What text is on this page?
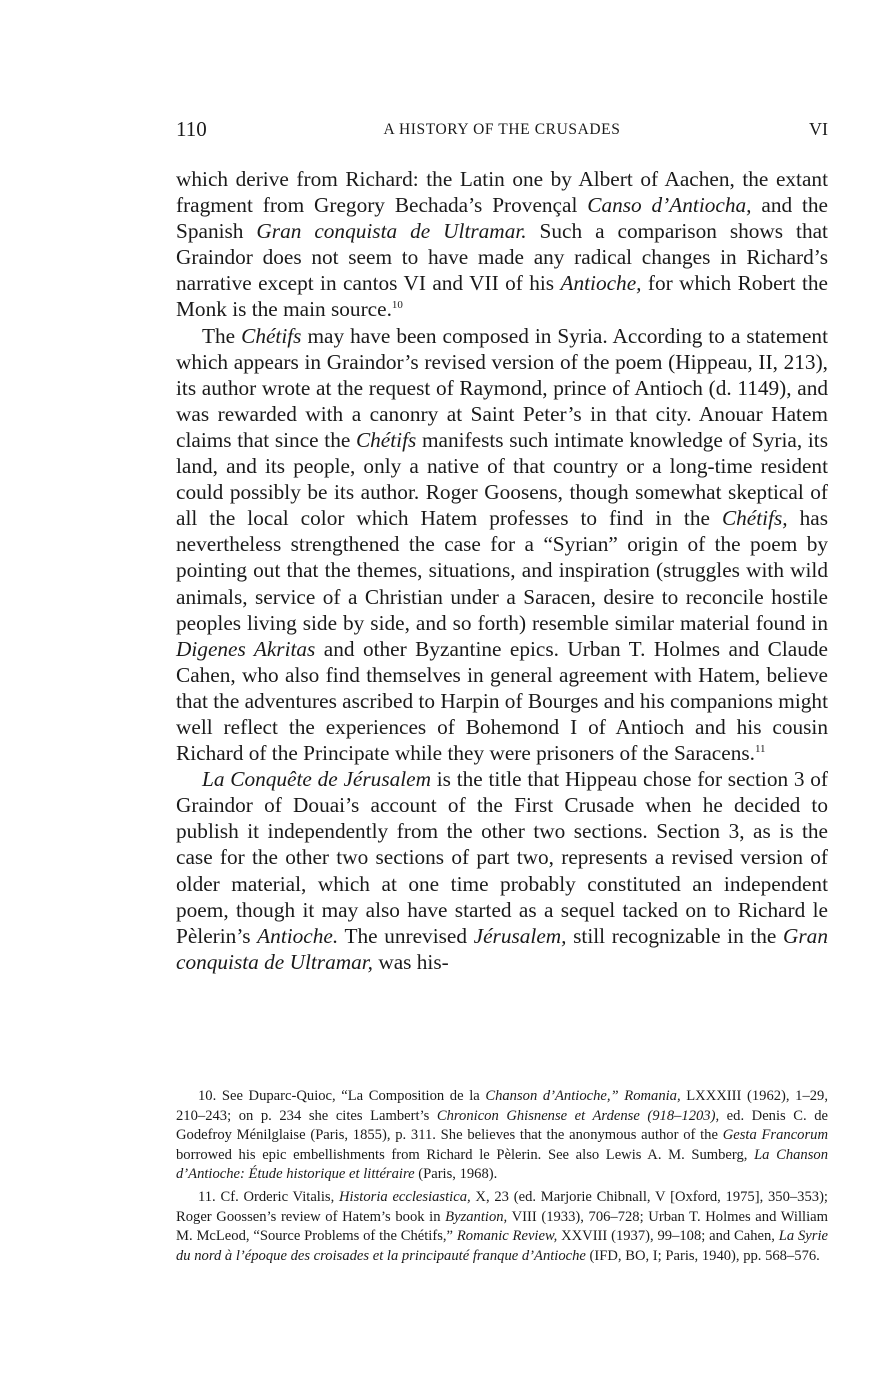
110	A HISTORY OF THE CRUSADES	VI

which derive from Richard: the Latin one by Albert of Aachen, the extant fragment from Gregory Bechada’s Provençal Canso d’Antiocha, and the Spanish Gran conquista de Ultramar. Such a comparison shows that Graindor does not seem to have made any radical changes in Richard’s narrative except in cantos VI and VII of his Antioche, for which Robert the Monk is the main source.$^{10}$

The Chétifs may have been composed in Syria. According to a statement which appears in Graindor’s revised version of the poem (Hippeau, II, 213), its author wrote at the request of Raymond, prince of Antioch (d. 1149), and was rewarded with a canonry at Saint Peter’s in that city. Anouar Hatem claims that since the Chétifs manifests such intimate knowledge of Syria, its land, and its people, only a native of that country or a long-time resident could possibly be its author. Roger Goosens, though somewhat skeptical of all the local color which Hatem professes to find in the Chétifs, has nevertheless strengthened the case for a “Syrian” origin of the poem by pointing out that the themes, situations, and inspiration (struggles with wild animals, service of a Christian under a Saracen, desire to reconcile hostile peoples living side by side, and so forth) resemble similar material found in Digenes Akritas and other Byzantine epics. Urban T. Holmes and Claude Cahen, who also find themselves in general agreement with Hatem, believe that the adventures ascribed to Harpin of Bourges and his companions might well reflect the experiences of Bohemond I of Antioch and his cousin Richard of the Principate while they were prisoners of the Saracens.$^{11}$

La Conquête de Jérusalem is the title that Hippeau chose for section 3 of Graindor of Douai’s account of the First Crusade when he decided to publish it independently from the other two sections. Section 3, as is the case for the other two sections of part two, represents a revised version of older material, which at one time probably constituted an independent poem, though it may also have started as a sequel tacked on to Richard le Pèlerin’s Antioche. The unrevised Jérusalem, still recognizable in the Gran conquista de Ultramar, was his-

10. See Duparc-Quioc, “La Composition de la Chanson d’Antioche,” Romania, LXXXIII (1962), 1–29, 210–243; on p. 234 she cites Lambert’s Chronicon Ghisnense et Ardense (918–1203), ed. Denis C. de Godefroy Ménilglaise (Paris, 1855), p. 311. She believes that the anonymous author of the Gesta Francorum borrowed his epic embellishments from Richard le Pèlerin. See also Lewis A. M. Sumberg, La Chanson d’Antioche: Étude historique et littéraire (Paris, 1968).

11. Cf. Orderic Vitalis, Historia ecclesiastica, X, 23 (ed. Marjorie Chibnall, V [Oxford, 1975], 350–353); Roger Goossen’s review of Hatem’s book in Byzantion, VIII (1933), 706–728; Urban T. Holmes and William M. McLeod, “Source Problems of the Chétifs,” Romanic Review, XXVIII (1937), 99–108; and Cahen, La Syrie du nord à l’époque des croisades et la principauté franque d’Antioche (IFD, BO, I; Paris, 1940), pp. 568–576.
